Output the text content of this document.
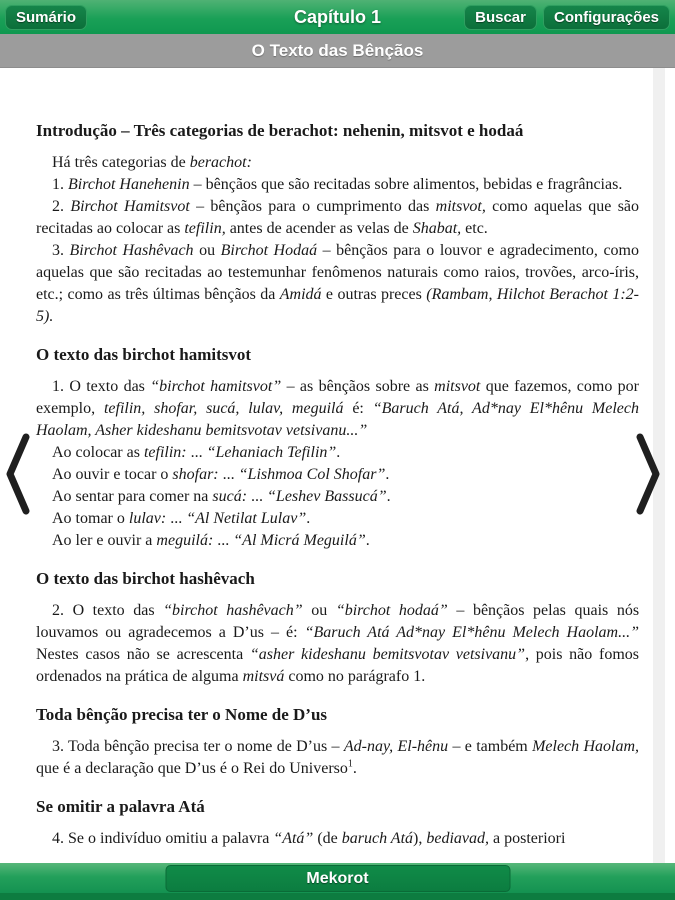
Sumário	Capítulo 1	Buscar	Configurações
O Texto das Bênçãos
Introdução – Três categorias de berachot: nehenin, mitsvot e hodaá

Há três categorias de berachot:

1. Birchot Hanehenin – bênçãos que são recitadas sobre alimentos, bebidas e fragrâncias.

2. Birchot Hamitsvot – bênçãos para o cumprimento das mitsvot, como aquelas que são recitadas ao colocar as tefilin, antes de acender as velas de Shabat, etc.

3. Birchot Hashêvach ou Birchot Hodaá – bênçãos para o louvor e agradecimento, como aquelas que são recitadas ao testemunhar fenômenos naturais como raios, trovões, arco-íris, etc.; como as três últimas bênçãos da Amidá e outras preces (Rambam, Hilchot Berachot 1:2-5).

O texto das birchot hamitsvot

1. O texto das “birchot hamitsvot” – as bênçãos sobre as mitsvot que fazemos, como por exemplo, tefilin, shofar, sucá, lulav, meguilá é: “Baruch Atá, Ad*nay El*hênu Melech Haolam, Asher kideshanu bemitsvotav vetsivanu...”

Ao colocar as tefilin: ... “Lehaniach Tefilin”.

Ao ouvir e tocar o shofar: ... “Lishmoa Col Shofar”.

Ao sentar para comer na sucá: ... “Leshev Bassucá”.

Ao tomar o lulav: ... “Al Netilat Lulav”.

Ao ler e ouvir a meguilá: ... “Al Micrá Meguilá”.

O texto das birchot hashêvach

2. O texto das “birchot hashêvach” ou “birchot hodaá” – bênçãos pelas quais nós louvamos ou agradecemos a D’us – é: “Baruch Atá Ad*nay El*hênu Melech Haolam...” Nestes casos não se acrescenta “asher kideshanu bemitsvotav vetsivanu”, pois não fomos ordenados na prática de alguma mitsvá como no parágrafo 1.

Toda bênção precisa ter o Nome de D’us

3. Toda bênção precisa ter o nome de D’us – Ad-nay, El-hênu – e também Melech Haolam, que é a declaração que D’us é o Rei do Universo$^1$.

Se omitir a palavra Atá

4. Se o indivíduo omitiu a palavra “Atá” (de baruch Atá), bediavad, a posteriori

Mekorot
